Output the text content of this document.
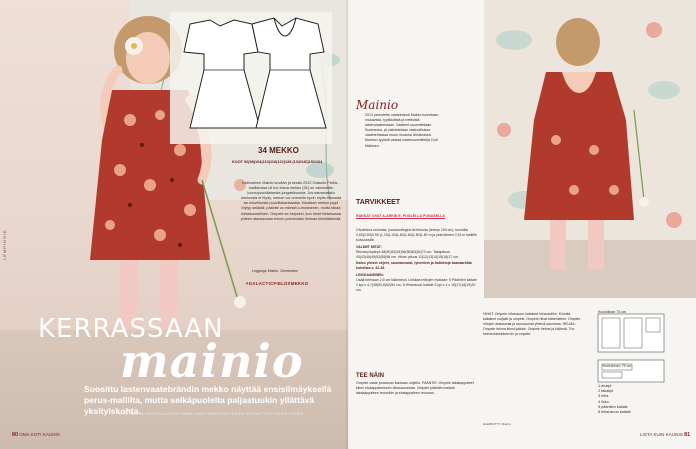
LEMPIOSIE
34 MEKKO
KOOT 92(98)104(110)116(122)128 (134/140)152/164
Kotimainen Mainio kevään ja kesän 2022 Galactic Fields -mallistossa oli tuo ihana mekko (34) on valmistettu luomupuuvillaisesta joogatrikoosta. Jos samanlaista neuloosta ei löydy, mekon voi ommella hyvin myös trikoosta tai ohuehkosta puuvillakankaasta. Hauskan mekon joppi löytyy selästä: pääntie on edestä o-mostoinen, mutta takaa kietaisumallinen. Ompele se helpoksi, kun hiroit kietaisussa yhteen alaosanaan ennen poimimista helman kiinnittämistä.
Leggings Mainio, Stockmann
#GALACTICFIELDSMEKKO
KERRASSAAN
mainio
Suosittu lastenvaatebrändin mekko näyttää ensisilmäyksellä perus-mallilta, mutta selkäpuolelta paljastuukin yllättävä yksityiskohta.
OHJE JANITA PERTTULA KUVAT EMMI LINDSTRÖM TUOTTEIDEN SUUNNITTELU KAISA JOUNSI
80 OMA KOTI KAUNIS
Mainio
2013 perustettu vaatebrändi Mainio tunnetaan mukavista, tyylikkäistä ja eettisistä lastenvaatteistaan. Vaatteet suunnitellaan Suomessa, ja valmistetaan vastuullisissa vaatetehtaissa muun muassa Ukrainassa. Mainion tyylistä vastaa vaatesuunnittelija Outi Mäkinen.
TARVIKKEET
RAKKAT OVAT A-ARKIN E. PUOLELLA PUNASELLA
Ohuehkoa neulosta, joustocollegea tai trikoota (leveys 150 cm), kuvioilla 0,60(0,80)0,95 (1,15)1,40(1,60)1,60(1,80)1,80 m ja yksivärinen 0,15 m kaikille koivuuksille.
VALMIIT MITAT:
Rinnanympärys 48(50)52(54)56(58)60(64)70 cm. Takapituus 40(43)46(49)52(55)58 cm. Hihan pituus 11(12)13(14)15(16)17 cm.
Katso yleiset ohjeet, saumanvarat, lyhenteet ja lisätietoja kaavaarkilta kohdista s. 32-33.
LEIKKAAMINEN:
Lisää helmaan 2,5 cm käänneva. Leikkaa mittojen mukaan: 5 Pääntien kaitale 1 kpl x 4,7(48)50,6(52)54 cm. 6 Hihansuun kaitale 2 kpl x 4 x 16(17)18(19)20 cm.
TEE NÄIN
Ompele vaate joustavan kankaan ohjeilla. PÄÄNTIE: Ompele takakappaleet kiinni etukappaleeseen olkasaumoista. Ompele pääntien kaitale takakappaleen reunoihin ja etukappaleen reunaan.
HIHAT: Ompele hihansuun kaitaleet hihansuihin. Kiinnitä kaitaleet nurjalle ja ompele. Ompele hihat kädentiehin. Ompele hihojen alasaumat ja sivusaumat yhtenä saumana. HELMA: Ompele helma kiinni kaitale. Ompele helma ja käännä. Tuo helma kaksinkerroin ja ompele.
Kuvioliinan 75 cm
Yksivärinen 75 cm
1 etukpl
2 takakpl
3 hiha
4 lisko
5 pääntien kaitale
6 hihansuun kaitale
ELEMMITTY: Mainio
LISTA KUIN KAUNIS 81
